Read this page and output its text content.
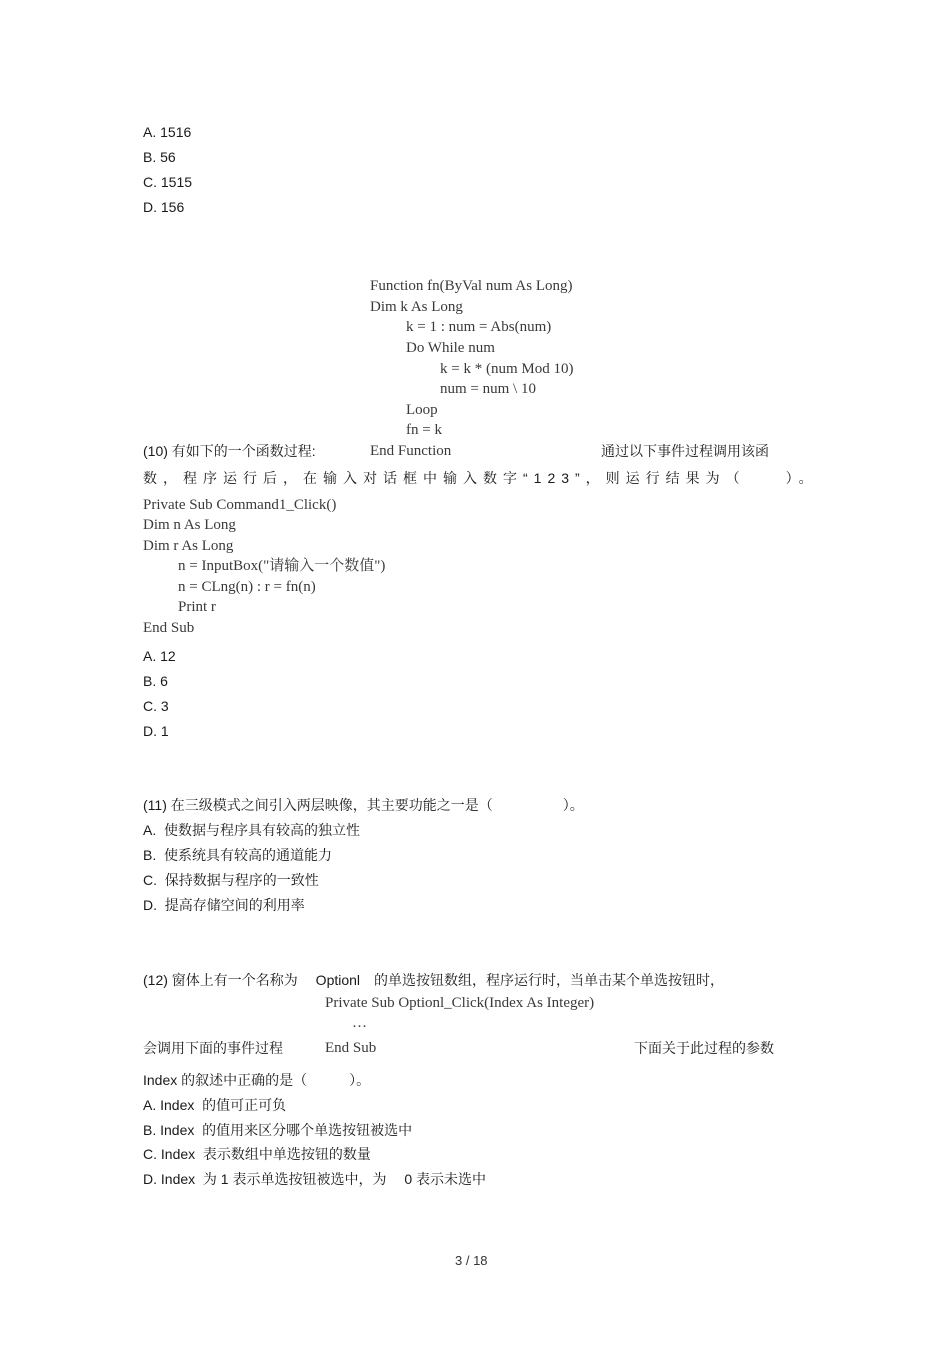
A. 1516
B. 56
C. 1515
D. 156
Function fn(ByVal num As Long)
Dim k As Long
k = 1 : num = Abs(num)
Do While num
k = k * (num Mod 10)
num = num \ 10
Loop
fn = k
End Function
(10) 有如下的一个函数过程:	通过以下事件过程调用该函
数，程序运行后，在输入对话框中输入数字“123”，则运行结果为（　　）。
Private Sub Command1_Click()
Dim n As Long
Dim r As Long
n = InputBox("请输入一个数值")
n = CLng(n) : r = fn(n)
Print r
End Sub
A. 12
B. 6
C. 3
D. 1
(11) 在三级模式之间引入两层映像，其主要功能之一是（　　　　　）。
A.  使数据与程序具有较高的独立性
B.  使系统具有较高的通道能力
C.  保持数据与程序的一致性
D.  提高存储空间的利用率
(12) 窗体上有一个名称为　 Optionl　的单选按钮数组，程序运行时，当单击某个单选按钮时，
Private Sub Optionl_Click(Index As Integer)
…
会调用下面的事件过程	End Sub	下面关于此过程的参数
Index 的叙述中正确的是（　　　）。
A. Index  的值可正可负
B. Index  的值用来区分哪个单选按钮被选中
C. Index  表示数组中单选按钮的数量
D. Index  为 1 表示单选按钮被选中，为　 0 表示未选中
3 / 18
